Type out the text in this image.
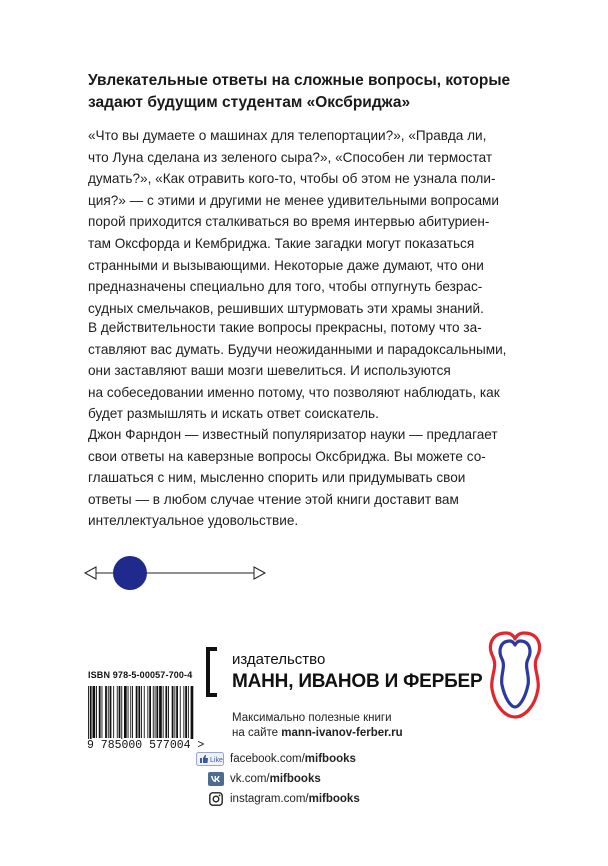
Увлекательные ответы на сложные вопросы, которые
задают будущим студентам «Оксбриджа»

«Что вы думаете о машинах для телепортации?», «Правда ли,
что Луна сделана из зеленого сыра?», «Способен ли термостат
думать?», «Как отравить кого-то, чтобы об этом не узнала поли-
ция?» — с этими и другими не менее удивительными вопросами
порой приходится сталкиваться во время интервью абитуриен-
там Оксфорда и Кембриджа. Такие загадки могут показаться
странными и вызывающими. Некоторые даже думают, что они
предназначены специально для того, чтобы отпугнуть безрас-
судных смельчаков, решивших штурмовать эти храмы знаний.

В действительности такие вопросы прекрасны, потому что за-
ставляют вас думать. Будучи неожиданными и парадоксальными,
они заставляют ваши мозги шевелиться. И используются
на собеседовании именно потому, что позволяют наблюдать, как
будет размышлять и искать ответ соискатель.

Джон Фарндон — известный популяризатор науки — предлагает
свои ответы на каверзные вопросы Оксбриджа. Вы можете со-
глашаться с ним, мысленно спорить или придумывать свои
ответы — в любом случае чтение этой книги доставит вам
интеллектуальное удовольствие.

ISBN 978-5-00057-700-4
9 785000 577004 >
издательство
МАНН, ИВАНОВ И ФЕРБЕР
Максимально полезные книги
на сайте mann-ivanov-ferber.ru
Like facebook.com/mifbooks
vk.com/mifbooks
instagram.com/mifbooks
